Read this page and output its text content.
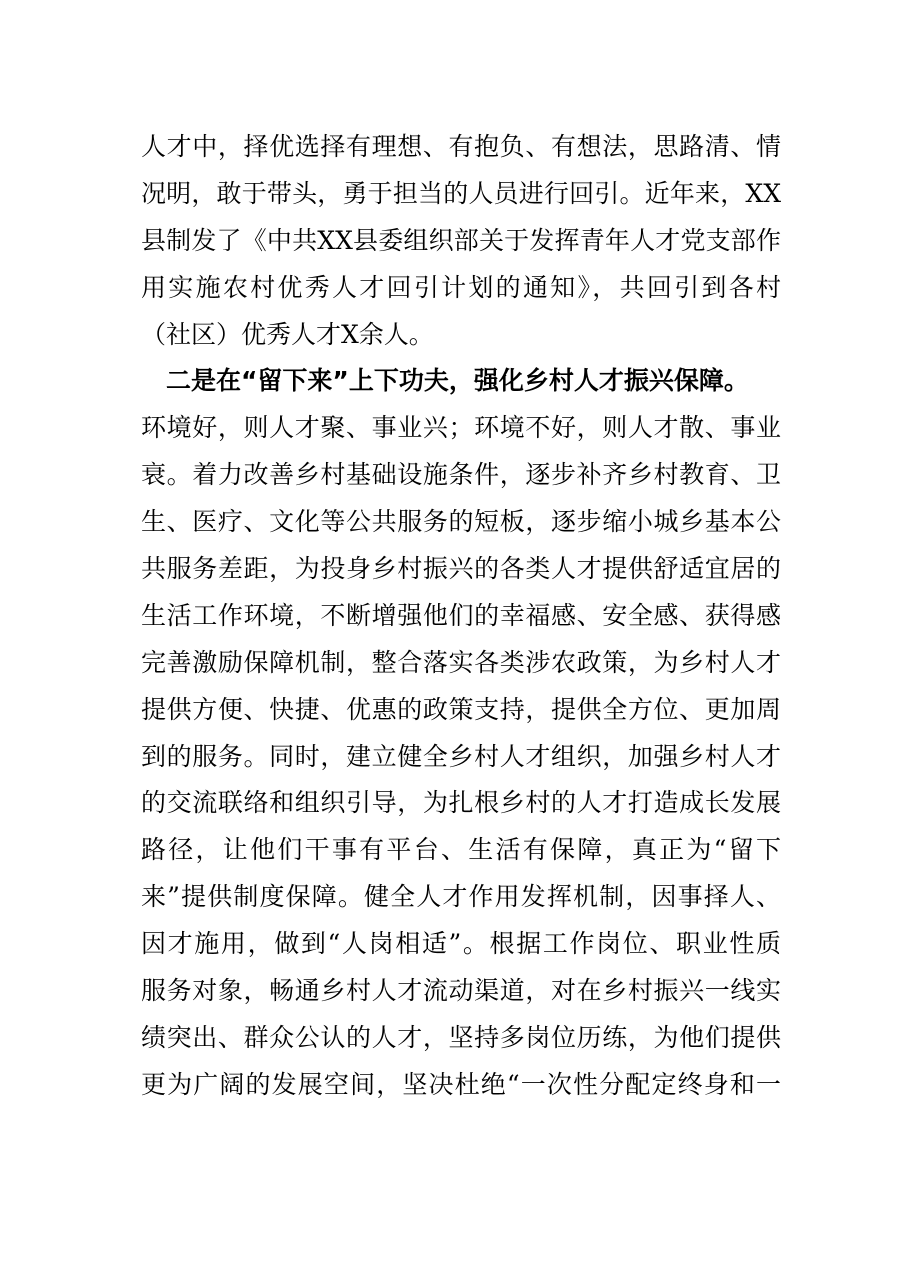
人才中，择优选择有理想、有抱负、有想法，思路清、情
况明，敢于带头，勇于担当的人员进行回引。近年来，XX
县制发了《中共XX县委组织部关于发挥青年人才党支部作
用实施农村优秀人才回引计划的通知》，共回引到各村
（社区）优秀人才X余人。
二是在“留下来”上下功夫，强化乡村人才振兴保障。
环境好，则人才聚、事业兴；环境不好，则人才散、事业
衰。着力改善乡村基础设施条件，逐步补齐乡村教育、卫
生、医疗、文化等公共服务的短板，逐步缩小城乡基本公
共服务差距，为投身乡村振兴的各类人才提供舒适宜居的
生活工作环境，不断增强他们的幸福感、安全感、获得感
完善激励保障机制，整合落实各类涉农政策，为乡村人才
提供方便、快捷、优惠的政策支持，提供全方位、更加周
到的服务。同时，建立健全乡村人才组织，加强乡村人才
的交流联络和组织引导，为扎根乡村的人才打造成长发展
路径，让他们干事有平台、生活有保障，真正为“留下
来”提供制度保障。健全人才作用发挥机制，因事择人、
因才施用，做到“人岗相适”。根据工作岗位、职业性质
服务对象，畅通乡村人才流动渠道，对在乡村振兴一线实
绩突出、群众公认的人才，坚持多岗位历练，为他们提供
更为广阔的发展空间，坚决杜绝“一次性分配定终身和一
